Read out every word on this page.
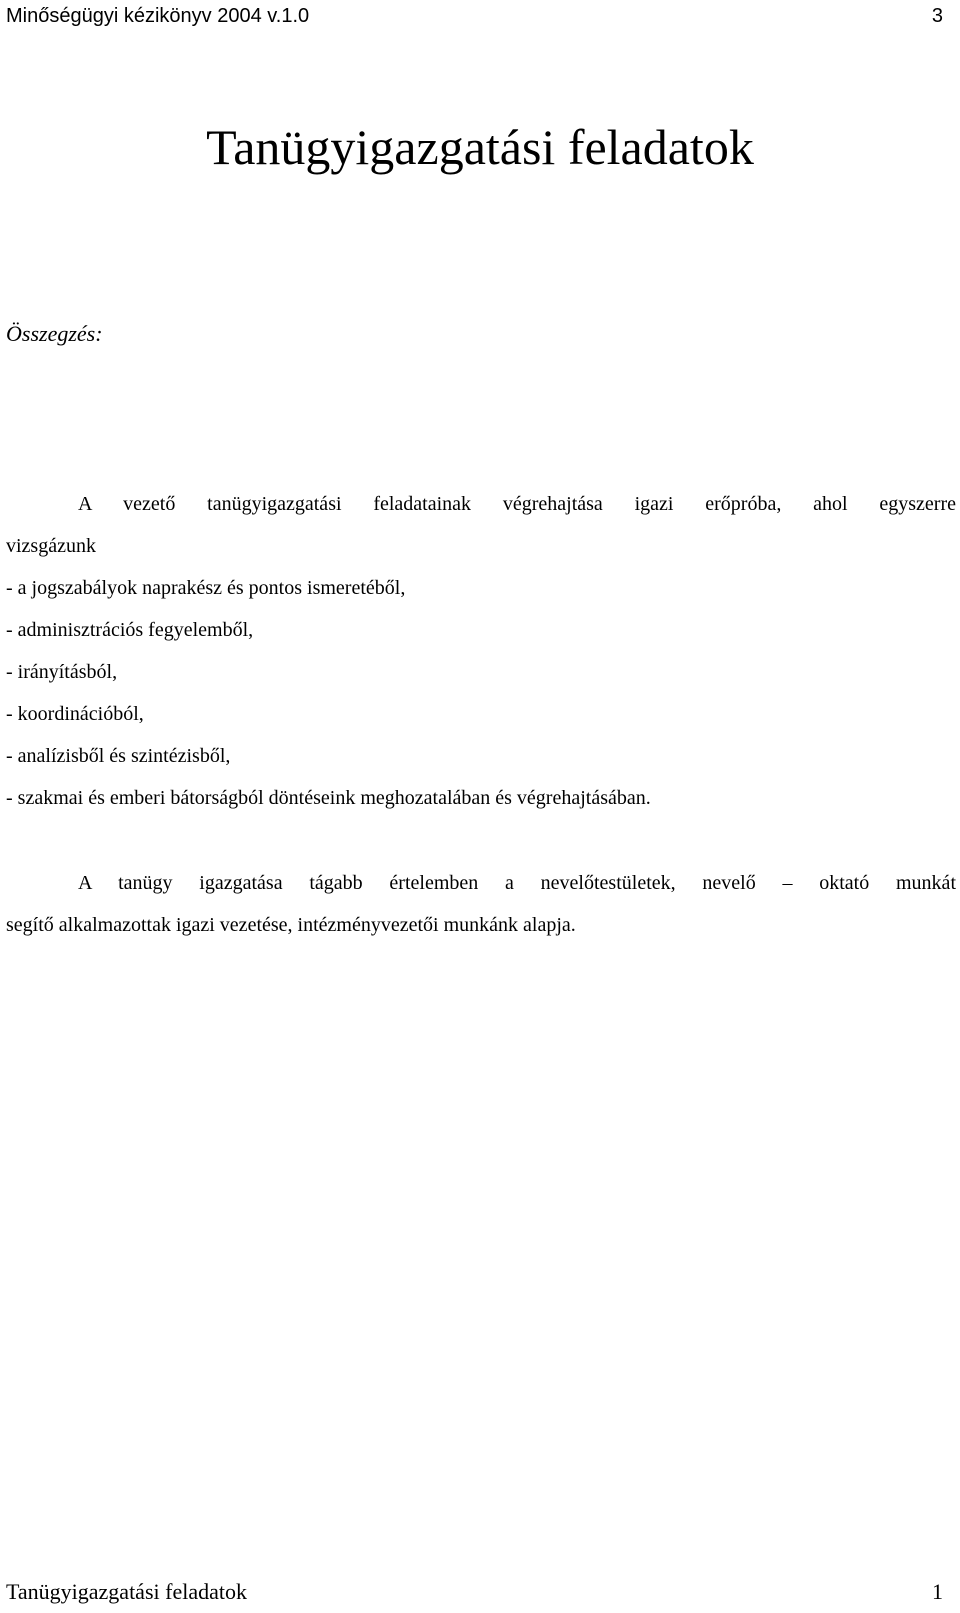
Minőségügyi kézikönyv 2004 v.1.0	3
Tanügyigazgatási feladatok

Összegzés:

A vezető tanügyigazgatási feladatainak végrehajtása igazi erőpróba, ahol egyszerre
vizsgázunk
- a jogszabályok naprakész és pontos ismeretéből,
- adminisztrációs fegyelemből,
- irányításból,
- koordinációból,
- analízisből és szintézisből,
- szakmai és emberi bátorságból döntéseink meghozatalában és végrehajtásában.
A tanügy igazgatása tágabb értelemben a nevelőtestületek, nevelő – oktató munkát
segítő alkalmazottak igazi vezetése, intézményvezetői munkánk alapja.
Tanügyigazgatási feladatok	1
